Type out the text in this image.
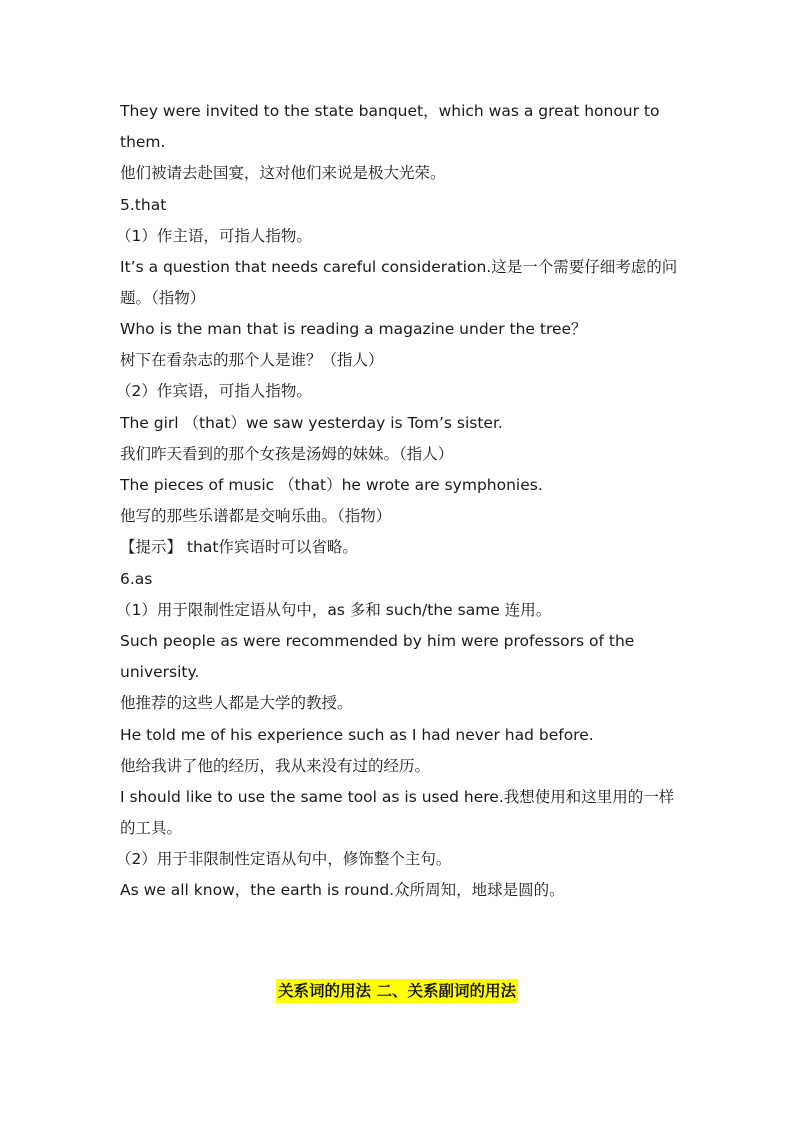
They were invited to the state banquet，which was a great honour to
them.
他们被请去赴国宴，这对他们来说是极大光荣。
5.that
（1）作主语，可指人指物。
It’s a question that needs careful consideration.这是一个需要仔细考虑的问
题。（指物）
Who is the man that is reading a magazine under the tree？
树下在看杂志的那个人是谁？（指人）
（2）作宾语，可指人指物。
The girl （that）we saw yesterday is Tom’s sister.
我们昨天看到的那个女孩是汤姆的妹妹。（指人）
The pieces of music （that）he wrote are symphonies.
他写的那些乐谱都是交响乐曲。（指物）
【提示】 that作宾语时可以省略。
6.as
（1）用于限制性定语从句中，as 多和 such/the same 连用。
Such people as were recommended by him were professors of the
university.
他推荐的这些人都是大学的教授。
He told me of his experience such as I had never had before.
他给我讲了他的经历，我从来没有过的经历。
I should like to use the same tool as is used here.我想使用和这里用的一样
的工具。
（2）用于非限制性定语从句中，修饰整个主句。
As we all know，the earth is round.众所周知，地球是圆的。
关系词的用法 二、关系副词的用法
